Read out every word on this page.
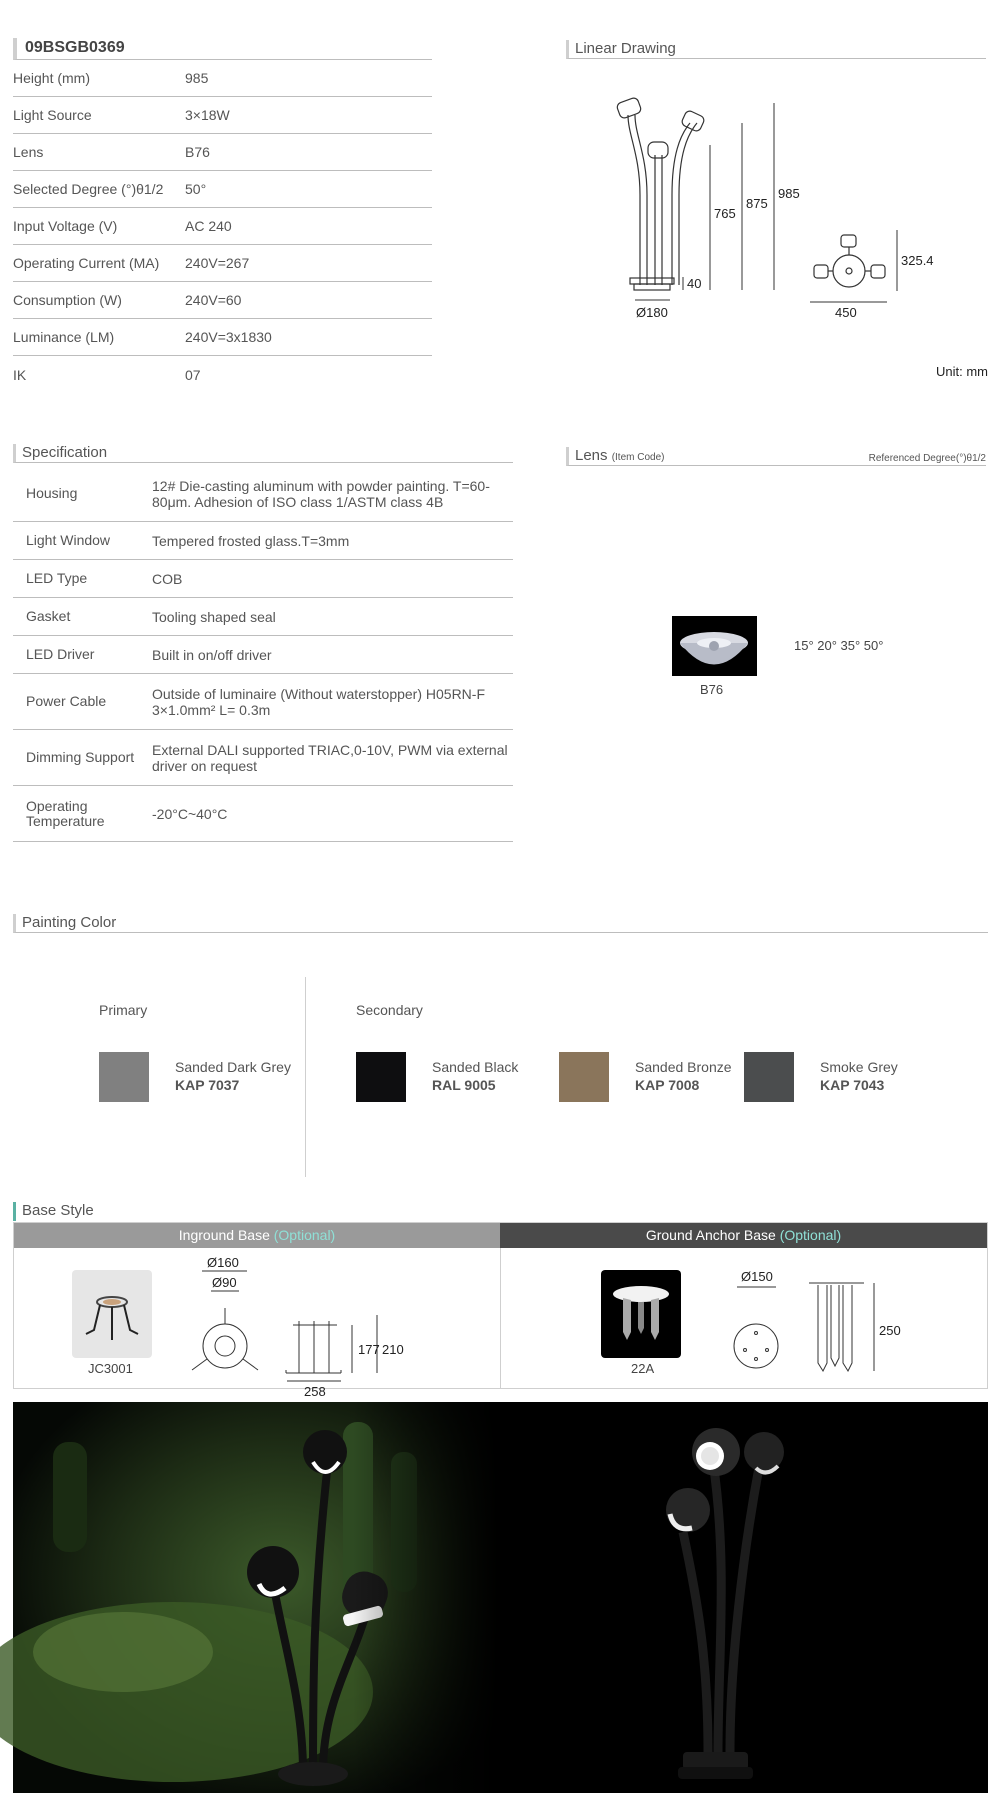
09BSGB0369
Height (mm)	985
Light Source	3×18W
Lens	B76
Selected Degree (°)θ1/2	50°
Input Voltage (V)	AC 240
Operating Current (MA)	240V=267
Consumption (W)	240V=60
Luminance (LM)	240V=3x1830
IK	07
Linear Drawing
765
875
985
40
Ø180	450
325.4
Unit: mm
Specification
Housing	12# Die-casting aluminum with powder painting. T=60-80μm. Adhesion of ISO class 1/ASTM class 4B
Light Window	Tempered frosted glass.T=3mm
LED Type	COB
Gasket	Tooling shaped seal
LED Driver	Built in on/off driver
Power Cable	Outside of luminaire (Without waterstopper) H05RN-F 3×1.0mm² L= 0.3m
Dimming Support	External DALI supported TRIAC,0-10V, PWM via external driver on request
Operating Temperature	-20°C~40°C
Lens (Item Code)	Referenced Degree(°)θ1/2
B76
15° 20° 35° 50°
Painting Color
Primary	Secondary
Sanded Dark Grey
KAP 7037
Sanded Black
RAL 9005
Sanded Bronze
KAP 7008
Smoke Grey
KAP 7043
Base Style
Inground Base (Optional)	Ground Anchor Base (Optional)
JC3001
Ø160
Ø90
177 210
258
22A
Ø150
250
